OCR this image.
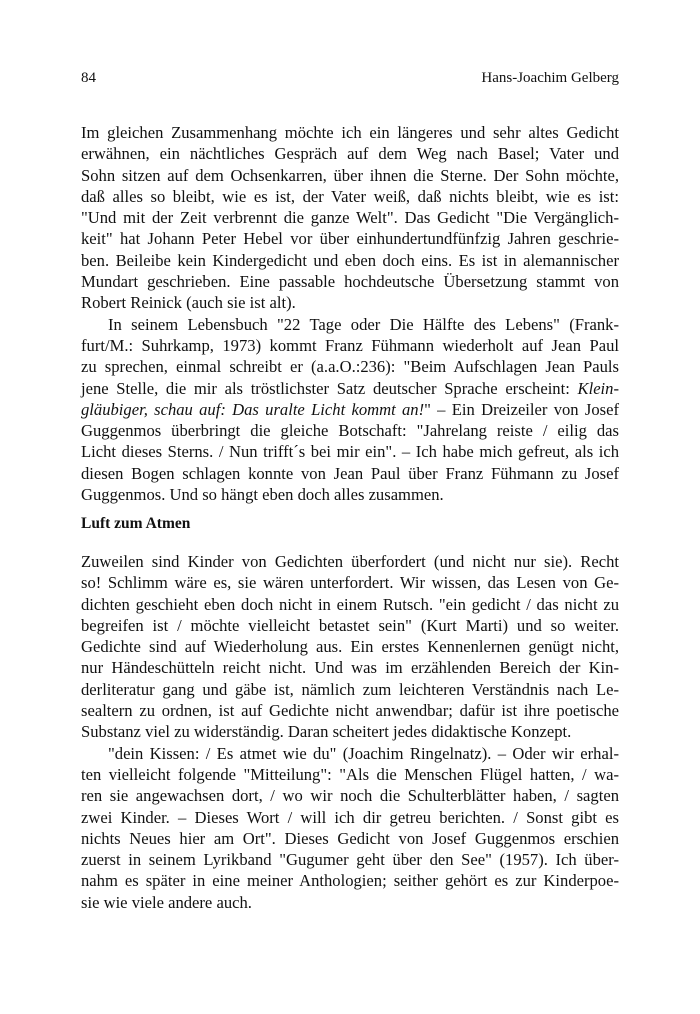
84	Hans-Joachim Gelberg
Im gleichen Zusammenhang möchte ich ein längeres und sehr altes Gedicht
erwähnen, ein nächtliches Gespräch auf dem Weg nach Basel; Vater und
Sohn sitzen auf dem Ochsenkarren, über ihnen die Sterne. Der Sohn möchte,
daß alles so bleibt, wie es ist, der Vater weiß, daß nichts bleibt, wie es ist:
"Und mit der Zeit verbrennt die ganze Welt". Das Gedicht "Die Vergänglich-
keit" hat Johann Peter Hebel vor über einhundertundfünfzig Jahren geschrie-
ben. Beileibe kein Kindergedicht und eben doch eins. Es ist in alemannischer
Mundart geschrieben. Eine passable hochdeutsche Übersetzung stammt von
Robert Reinick (auch sie ist alt).
In seinem Lebensbuch "22 Tage oder Die Hälfte des Lebens" (Frank-
furt/M.: Suhrkamp, 1973) kommt Franz Fühmann wiederholt auf Jean Paul
zu sprechen, einmal schreibt er (a.a.O.:236): "Beim Aufschlagen Jean Pauls
jene Stelle, die mir als tröstlichster Satz deutscher Sprache erscheint: Klein-
gläubiger, schau auf: Das uralte Licht kommt an!" – Ein Dreizeiler von Josef
Guggenmos überbringt die gleiche Botschaft: "Jahrelang reiste / eilig das
Licht dieses Sterns. / Nun trifft´s bei mir ein". – Ich habe mich gefreut, als ich
diesen Bogen schlagen konnte von Jean Paul über Franz Fühmann zu Josef
Guggenmos. Und so hängt eben doch alles zusammen.
Luft zum Atmen
Zuweilen sind Kinder von Gedichten überfordert (und nicht nur sie). Recht
so! Schlimm wäre es, sie wären unterfordert. Wir wissen, das Lesen von Ge-
dichten geschieht eben doch nicht in einem Rutsch. "ein gedicht / das nicht zu
begreifen ist / möchte vielleicht betastet sein" (Kurt Marti) und so weiter.
Gedichte sind auf Wiederholung aus. Ein erstes Kennenlernen genügt nicht,
nur Händeschütteln reicht nicht. Und was im erzählenden Bereich der Kin-
derliteratur gang und gäbe ist, nämlich zum leichteren Verständnis nach Le-
sealtern zu ordnen, ist auf Gedichte nicht anwendbar; dafür ist ihre poetische
Substanz viel zu widerständig. Daran scheitert jedes didaktische Konzept.
"dein Kissen: / Es atmet wie du" (Joachim Ringelnatz). – Oder wir erhal-
ten vielleicht folgende "Mitteilung": "Als die Menschen Flügel hatten, / wa-
ren sie angewachsen dort, / wo wir noch die Schulterblätter haben, / sagten
zwei Kinder. – Dieses Wort / will ich dir getreu berichten. / Sonst gibt es
nichts Neues hier am Ort". Dieses Gedicht von Josef Guggenmos erschien
zuerst in seinem Lyrikband "Gugumer geht über den See" (1957). Ich über-
nahm es später in eine meiner Anthologien; seither gehört es zur Kinderpoe-
sie wie viele andere auch.
